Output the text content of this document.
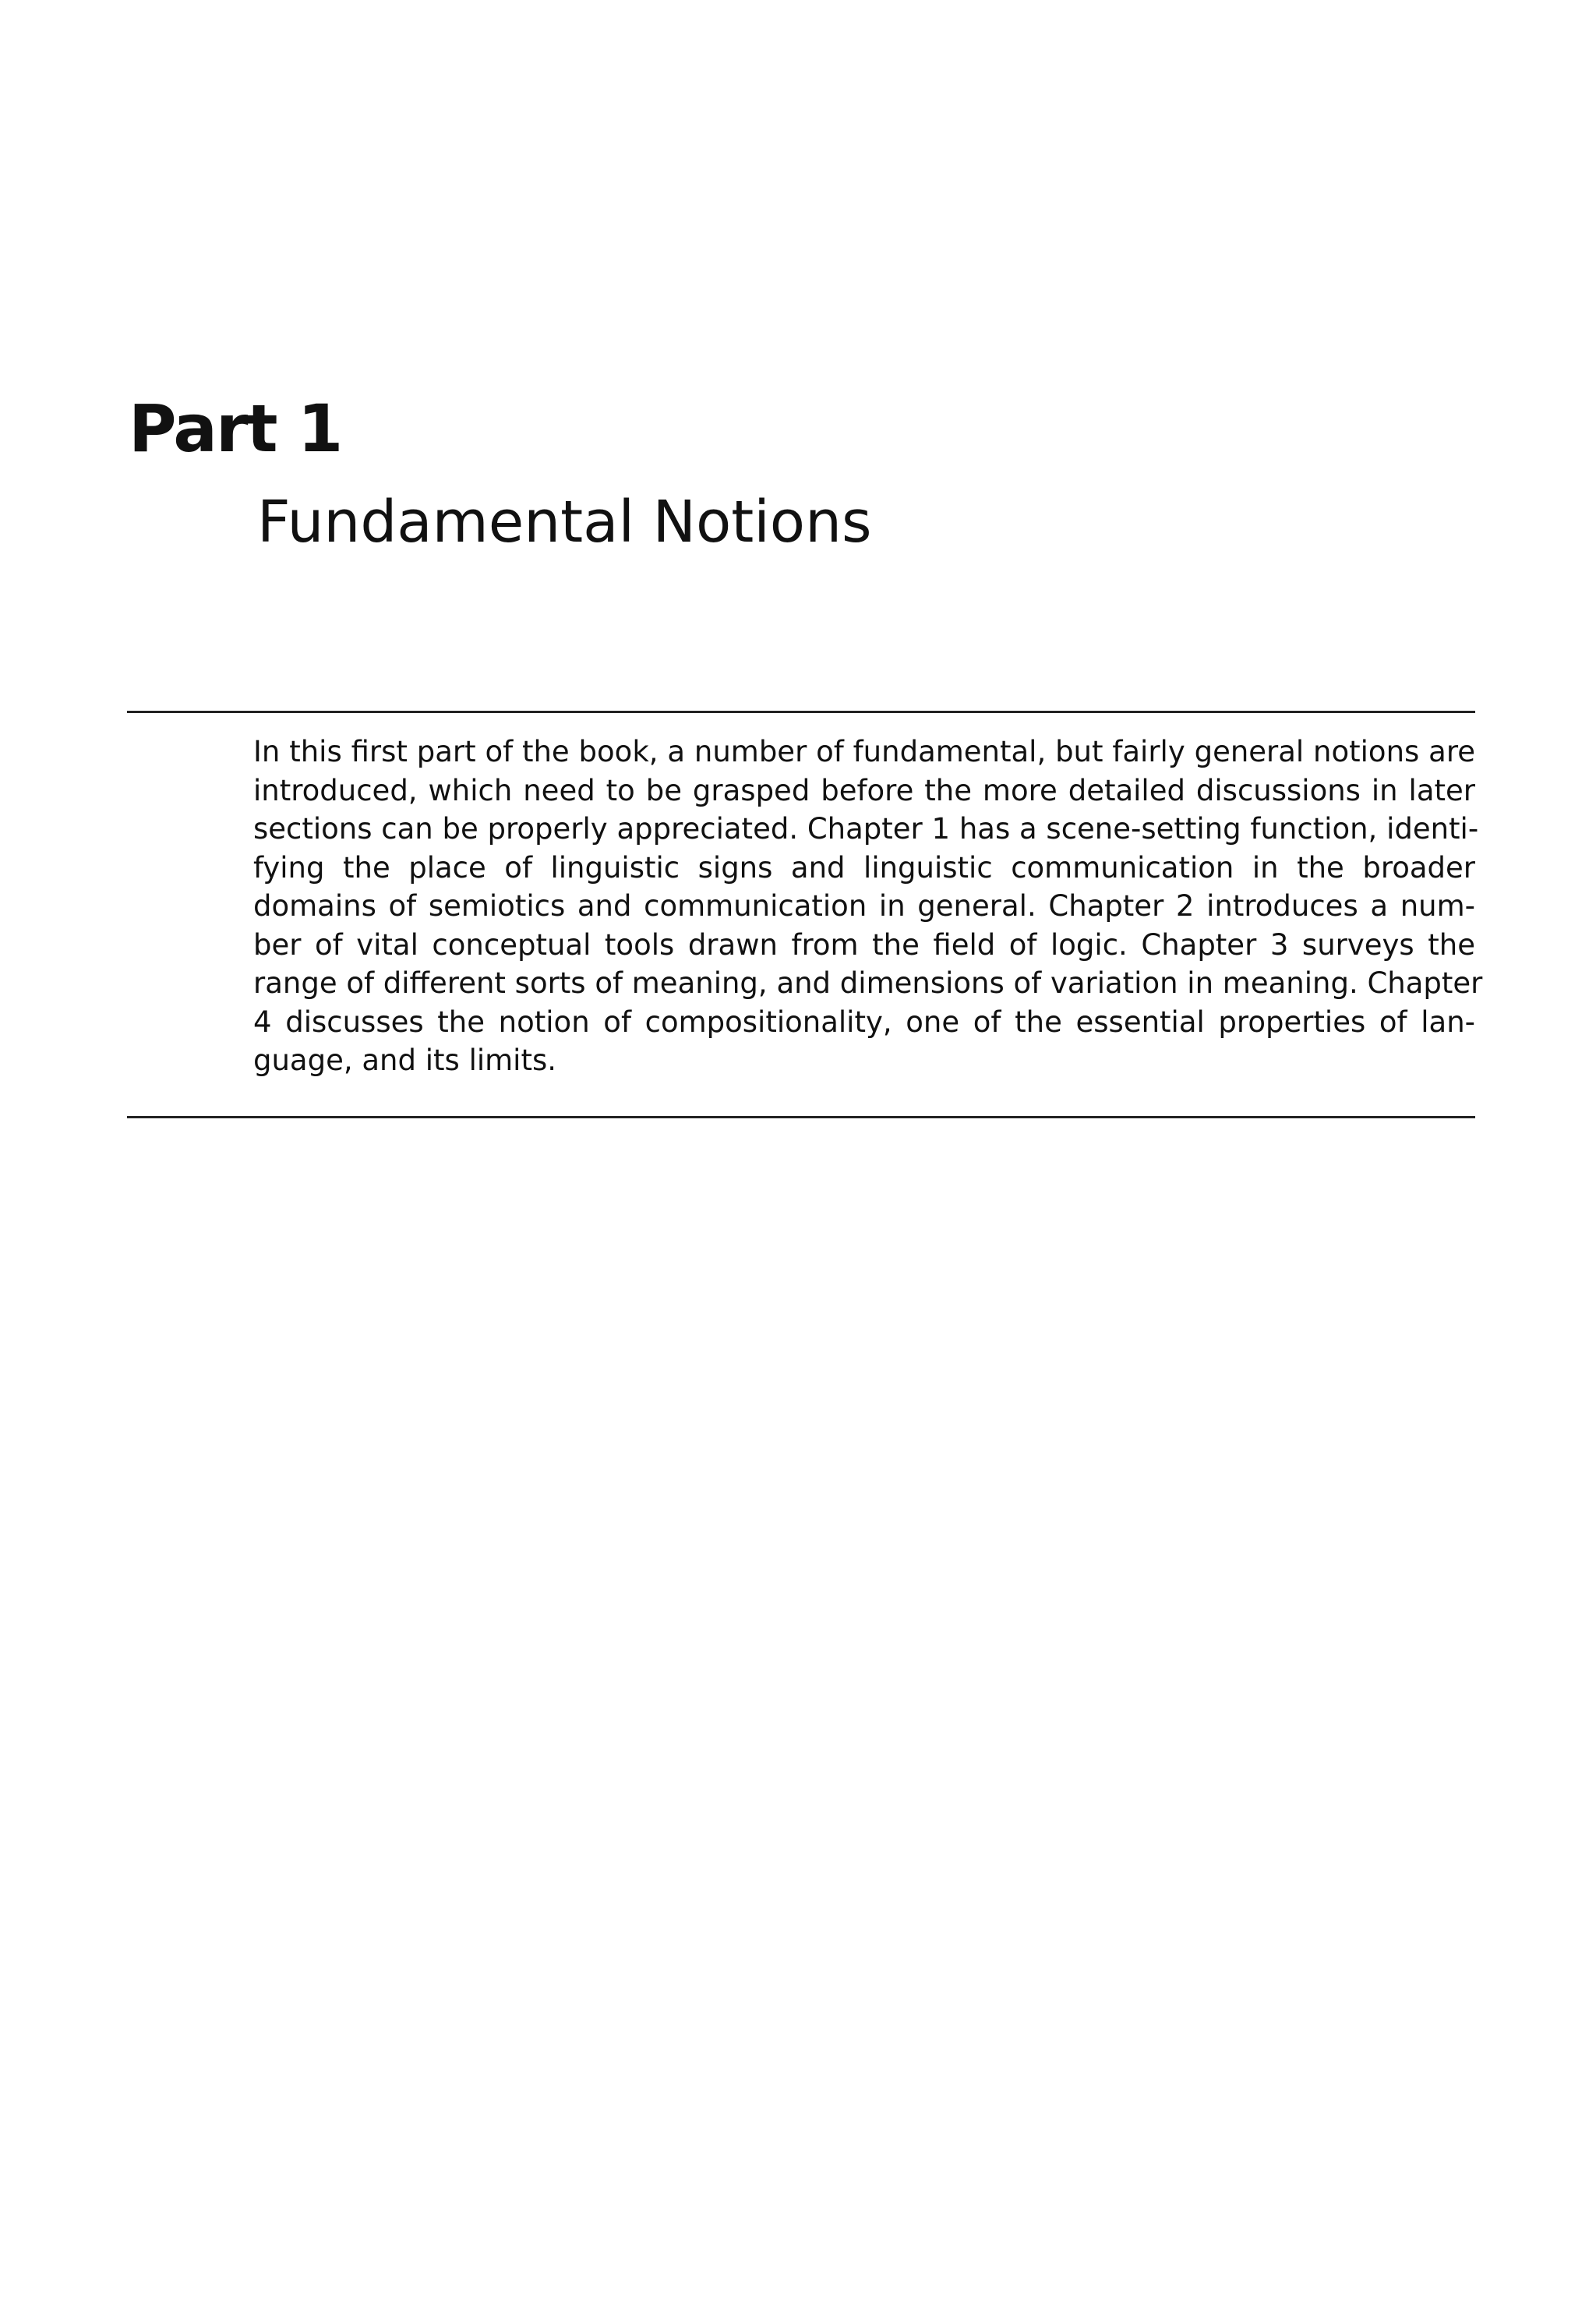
Part 1
Fundamental Notions
In this first part of the book, a number of fundamental, but fairly general notions are
introduced, which need to be grasped before the more detailed discussions in later
sections can be properly appreciated. Chapter 1 has a scene-setting function, identi-
fying the place of linguistic signs and linguistic communication in the broader
domains of semiotics and communication in general. Chapter 2 introduces a num-
ber of vital conceptual tools drawn from the field of logic. Chapter 3 surveys the
range of different sorts of meaning, and dimensions of variation in meaning. Chapter
4 discusses the notion of compositionality, one of the essential properties of lan-
guage, and its limits.
